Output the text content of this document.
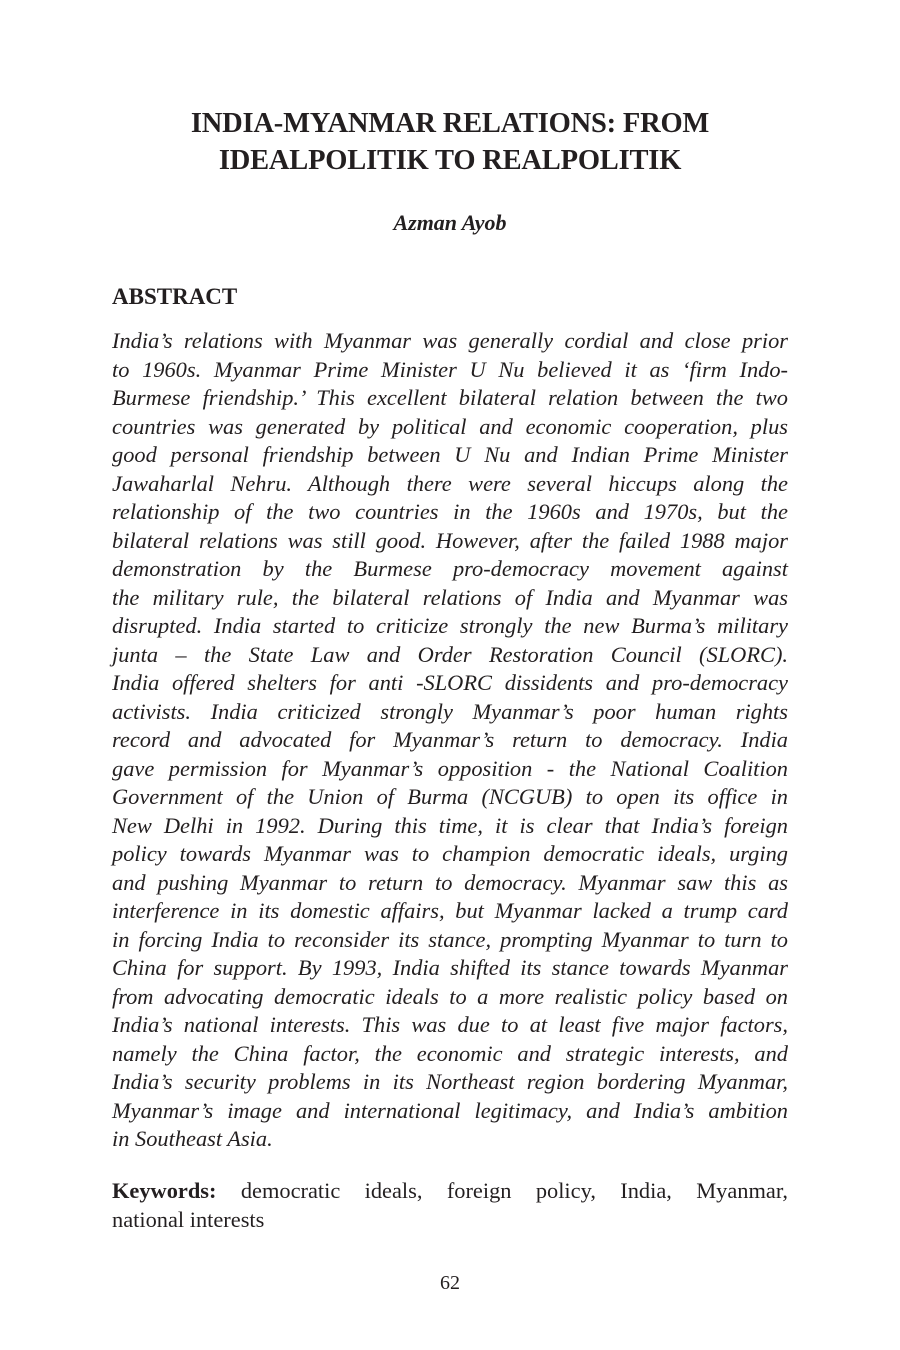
INDIA-MYANMAR RELATIONS: FROM
IDEALPOLITIK TO REALPOLITIK
Azman Ayob
ABSTRACT
India’s relations with Myanmar was generally cordial and close prior
to 1960s. Myanmar Prime Minister U Nu believed it as ‘firm Indo-
Burmese friendship.’ This excellent bilateral relation between the two
countries was generated by political and economic cooperation, plus
good personal friendship between U Nu and Indian Prime Minister
Jawaharlal Nehru. Although there were several hiccups along the
relationship of the two countries in the 1960s and 1970s, but the
bilateral relations was still good. However, after the failed 1988 major
demonstration by the Burmese pro-democracy movement against
the military rule, the bilateral relations of India and Myanmar was
disrupted. India started to criticize strongly the new Burma’s military
junta – the State Law and Order Restoration Council (SLORC).
India offered shelters for anti -SLORC dissidents and pro-democracy
activists. India criticized strongly Myanmar’s poor human rights
record and advocated for Myanmar’s return to democracy. India
gave permission for Myanmar’s opposition - the National Coalition
Government of the Union of Burma (NCGUB) to open its office in
New Delhi in 1992. During this time, it is clear that India’s foreign
policy towards Myanmar was to champion democratic ideals, urging
and pushing Myanmar to return to democracy. Myanmar saw this as
interference in its domestic affairs, but Myanmar lacked a trump card
in forcing India to reconsider its stance, prompting Myanmar to turn to
China for support. By 1993, India shifted its stance towards Myanmar
from advocating democratic ideals to a more realistic policy based on
India’s national interests. This was due to at least five major factors,
namely the China factor, the economic and strategic interests, and
India’s security problems in its Northeast region bordering Myanmar,
Myanmar’s image and international legitimacy, and India’s ambition
in Southeast Asia.
Keywords: democratic ideals, foreign policy, India, Myanmar,
national interests
62
